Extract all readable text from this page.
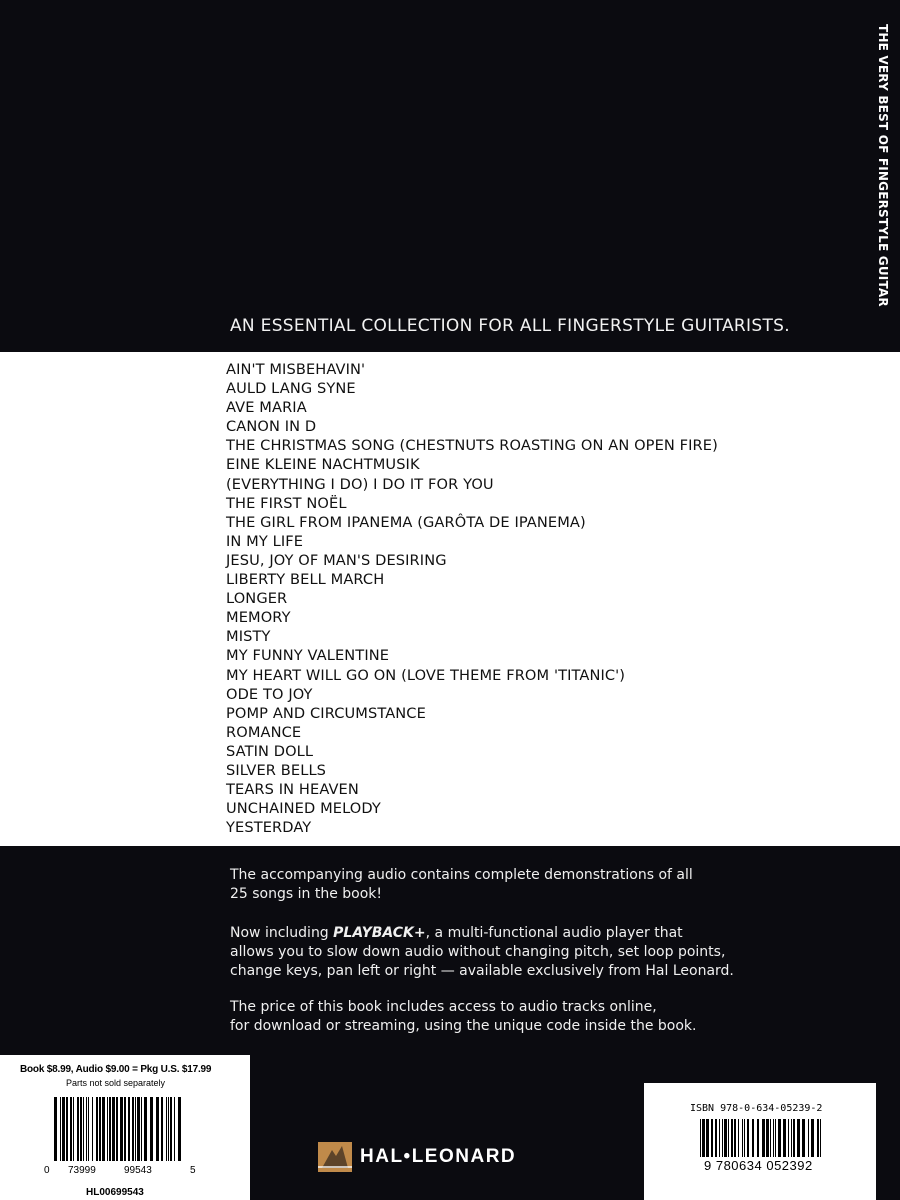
AN ESSENTIAL COLLECTION FOR ALL FINGERSTYLE GUITARISTS.
THE VERY BEST OF FINGERSTYLE GUITAR
AIN'T MISBEHAVIN'
AULD LANG SYNE
AVE MARIA
CANON IN D
THE CHRISTMAS SONG (CHESTNUTS ROASTING ON AN OPEN FIRE)
EINE KLEINE NACHTMUSIK
(EVERYTHING I DO) I DO IT FOR YOU
THE FIRST NOËL
THE GIRL FROM IPANEMA (GARÔTA DE IPANEMA)
IN MY LIFE
JESU, JOY OF MAN'S DESIRING
LIBERTY BELL MARCH
LONGER
MEMORY
MISTY
MY FUNNY VALENTINE
MY HEART WILL GO ON (LOVE THEME FROM 'TITANIC')
ODE TO JOY
POMP AND CIRCUMSTANCE
ROMANCE
SATIN DOLL
SILVER BELLS
TEARS IN HEAVEN
UNCHAINED MELODY
YESTERDAY

The accompanying audio contains complete demonstrations of all

25 songs in the book!

Now including PLAYBACK+, a multi-functional audio player that

allows you to slow down audio without changing pitch, set loop points,

change keys, pan left or right — available exclusively from Hal Leonard.

The price of this book includes access to audio tracks online,

for download or streaming, using the unique code inside the book.

Book $8.99, Audio $9.00 = Pkg U.S. $17.99
Parts not sold separately
0 73999	99543	5
HL00699543
HAL•LEONARD
ISBN 978-0-634-05239-2
9 780634 052392
